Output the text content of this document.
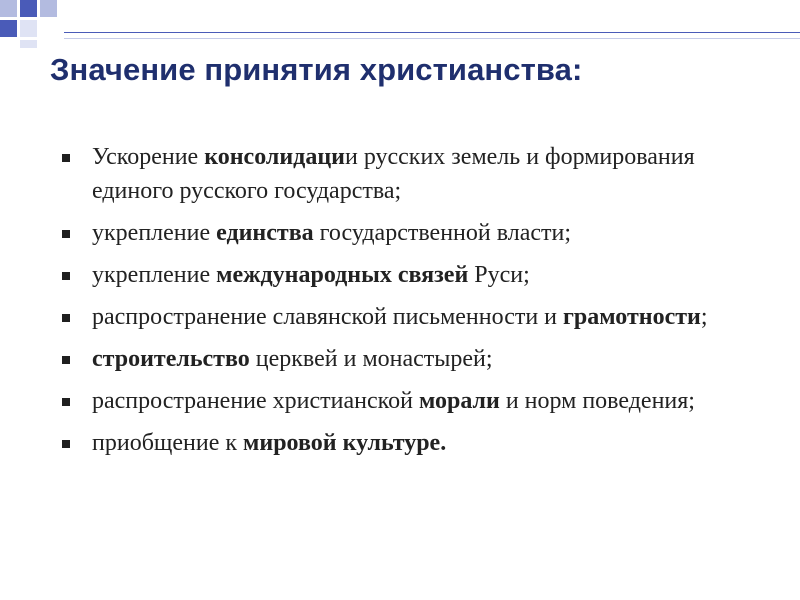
Значение принятия христианства:
Ускорение консолидации русских земель и формирования единого русского государства;
укрепление единства государственной власти;
укрепление международных связей Руси;
распространение славянской письменности и грамотности;
строительство церквей и монастырей;
распространение христианской морали и норм поведения;
приобщение к мировой культуре.
